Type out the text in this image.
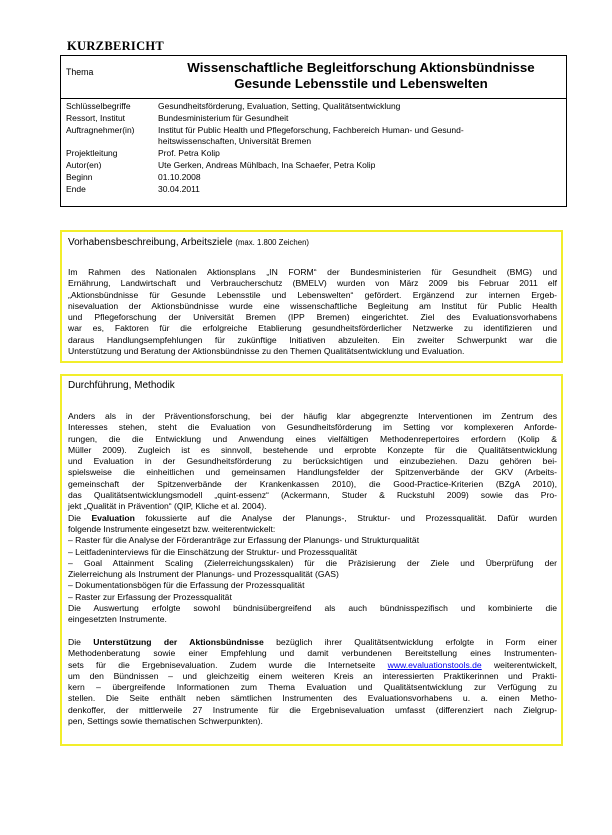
KURZBERICHT
Thema	Wissenschaftliche Begleitforschung Aktionsbündnisse
Gesunde Lebensstile und Lebenswelten
Schlüsselbegriffe	Gesundheitsförderung, Evaluation, Setting, Qualitätsentwicklung
Ressort, Institut	Bundesministerium für Gesundheit
Auftragnehmer(in)	Institut für Public Health und Pflegeforschung, Fachbereich Human- und Gesund-
heitswissenschaften, Universität Bremen
Projektleitung	Prof. Petra Kolip
Autor(en)	Ute Gerken, Andreas Mühlbach, Ina Schaefer, Petra Kolip
Beginn	01.10.2008
Ende	30.04.2011
Vorhabensbeschreibung, Arbeitsziele (max. 1.800 Zeichen)
Im Rahmen des Nationalen Aktionsplans „IN FORM“ der Bundesministerien für Gesundheit (BMG) und
Ernährung, Landwirtschaft und Verbraucherschutz (BMELV) wurden von März 2009 bis Februar 2011 elf
„Aktionsbündnisse für Gesunde Lebensstile und Lebenswelten“ gefördert. Ergänzend zur internen Ergeb-
nisevaluation der Aktionsbündnisse wurde eine wissenschaftliche Begleitung am Institut für Public Health
und Pflegeforschung der Universität Bremen (IPP Bremen) eingerichtet. Ziel des Evaluationsvorhabens
war es, Faktoren für die erfolgreiche Etablierung gesundheitsförderlicher Netzwerke zu identifizieren und
daraus Handlungsempfehlungen für zukünftige Initiativen abzuleiten. Ein zweiter Schwerpunkt war die
Unterstützung und Beratung der Aktionsbündnisse zu den Themen Qualitätsentwicklung und Evaluation.
Durchführung, Methodik
Anders als in der Präventionsforschung, bei der häufig klar abgegrenzte Interventionen im Zentrum des
Interesses stehen, steht die Evaluation von Gesundheitsförderung im Setting vor komplexeren Anforde-
rungen, die die Entwicklung und Anwendung eines vielfältigen Methodenrepertoires erfordern (Kolip &
Müller 2009). Zugleich ist es sinnvoll, bestehende und erprobte Konzepte für die Qualitätsentwicklung
und Evaluation in der Gesundheitsförderung zu berücksichtigen und einzubeziehen. Dazu gehören bei-
spielsweise die einheitlichen und gemeinsamen Handlungsfelder der Spitzenverbände der GKV (Arbeits-
gemeinschaft der Spitzenverbände der Krankenkassen 2010), die Good-Practice-Kriterien (BZgA 2010),
das Qualitätsentwicklungsmodell „quint-essenz“ (Ackermann, Studer & Ruckstuhl 2009) sowie das Pro-
jekt „Qualität in Prävention“ (QIP, Kliche et al. 2004).
Die Evaluation fokussierte auf die Analyse der Planungs-, Struktur- und Prozessqualität. Dafür wurden
folgende Instrumente eingesetzt bzw. weiterentwickelt:
– Raster für die Analyse der Förderanträge zur Erfassung der Planungs- und Strukturqualität
– Leitfadeninterviews für die Einschätzung der Struktur- und Prozessqualität
– Goal Attainment Scaling (Zielerreichungsskalen) für die Präzisierung der Ziele und Überprüfung der
Zielerreichung als Instrument der Planungs- und Prozessqualität (GAS)
– Dokumentationsbögen für die Erfassung der Prozessqualität
– Raster zur Erfassung der Prozessqualität
Die Auswertung erfolgte sowohl bündnisübergreifend als auch bündnisspezifisch und kombinierte die
eingesetzten Instrumente.
Die Unterstützung der Aktionsbündnisse bezüglich ihrer Qualitätsentwicklung erfolgte in Form einer
Methodenberatung sowie einer Empfehlung und damit verbundenen Bereitstellung eines Instrumenten-
sets für die Ergebnisevaluation. Zudem wurde die Internetseite www.evaluationstools.de weiterentwickelt,
um den Bündnissen – und gleichzeitig einem weiteren Kreis an interessierten Praktikerinnen und Prakti-
kern – übergreifende Informationen zum Thema Evaluation und Qualitätsentwicklung zur Verfügung zu
stellen. Die Seite enthält neben sämtlichen Instrumenten des Evaluationsvorhabens u. a. einen Metho-
denkoffer, der mittlerweile 27 Instrumente für die Ergebnisevaluation umfasst (differenziert nach Zielgrup-
pen, Settings sowie thematischen Schwerpunkten).
